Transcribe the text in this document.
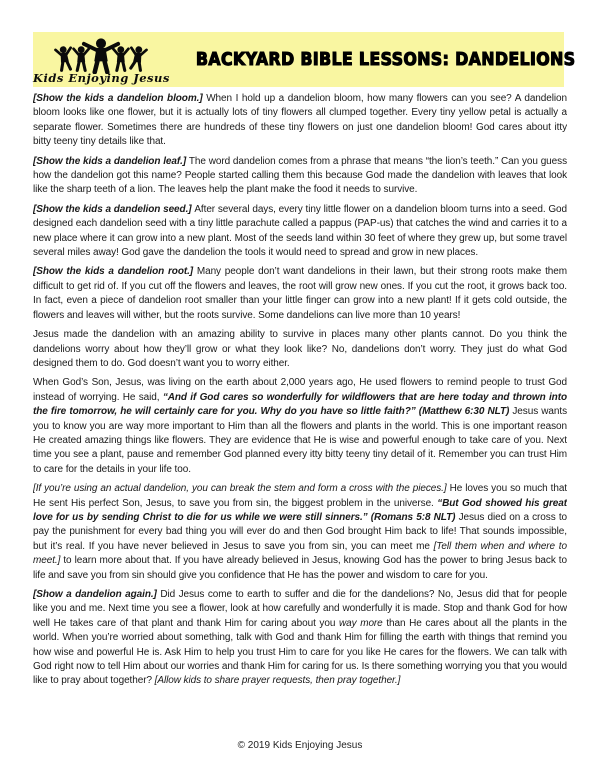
Kids Enjoying Jesus
BACKYARD BIBLE LESSONS: DANDELIONS

[Show the kids a dandelion bloom.] When I hold up a dandelion bloom, how many flowers can you see? A dandelion bloom looks like one flower, but it is actually lots of tiny flowers all clumped together. Every tiny yellow petal is actually a separate flower. Sometimes there are hundreds of these tiny flowers on just one dandelion bloom! God cares about itty bitty teeny tiny details like that.

[Show the kids a dandelion leaf.] The word dandelion comes from a phrase that means “the lion’s teeth.” Can you guess how the dandelion got this name? People started calling them this because God made the dandelion with leaves that look like the sharp teeth of a lion. The leaves help the plant make the food it needs to survive.

[Show the kids a dandelion seed.] After several days, every tiny little flower on a dandelion bloom turns into a seed. God designed each dandelion seed with a tiny little parachute called a pappus (PAP-us) that catches the wind and carries it to a new place where it can grow into a new plant. Most of the seeds land within 30 feet of where they grew up, but some travel several miles away! God gave the dandelion the tools it would need to spread and grow in new places.

[Show the kids a dandelion root.] Many people don’t want dandelions in their lawn, but their strong roots make them difficult to get rid of. If you cut off the flowers and leaves, the root will grow new ones. If you cut the root, it grows back too. In fact, even a piece of dandelion root smaller than your little finger can grow into a new plant! If it gets cold outside, the flowers and leaves will wither, but the roots survive. Some dandelions can live more than 10 years!

Jesus made the dandelion with an amazing ability to survive in places many other plants cannot. Do you think the dandelions worry about how they’ll grow or what they look like? No, dandelions don’t worry. They just do what God designed them to do. God doesn’t want you to worry either.

When God’s Son, Jesus, was living on the earth about 2,000 years ago, He used flowers to remind people to trust God instead of worrying. He said, “And if God cares so wonderfully for wildflowers that are here today and thrown into the fire tomorrow, he will certainly care for you. Why do you have so little faith?” (Matthew 6:30 NLT) Jesus wants you to know you are way more important to Him than all the flowers and plants in the world. This is one important reason He created amazing things like flowers. They are evidence that He is wise and powerful enough to take care of you. Next time you see a plant, pause and remember God planned every itty bitty teeny tiny detail of it. Remember you can trust Him to care for the details in your life too.

[If you’re using an actual dandelion, you can break the stem and form a cross with the pieces.] He loves you so much that He sent His perfect Son, Jesus, to save you from sin, the biggest problem in the universe. “But God showed his great love for us by sending Christ to die for us while we were still sinners.” (Romans 5:8 NLT) Jesus died on a cross to pay the punishment for every bad thing you will ever do and then God brought Him back to life! That sounds impossible, but it’s real. If you have never believed in Jesus to save you from sin, you can meet me [Tell them when and where to meet.] to learn more about that. If you have already believed in Jesus, knowing God has the power to bring Jesus back to life and save you from sin should give you confidence that He has the power and wisdom to care for you.

[Show a dandelion again.] Did Jesus come to earth to suffer and die for the dandelions? No, Jesus did that for people like you and me. Next time you see a flower, look at how carefully and wonderfully it is made. Stop and thank God for how well He takes care of that plant and thank Him for caring about you way more than He cares about all the plants in the world. When you’re worried about something, talk with God and thank Him for filling the earth with things that remind you how wise and powerful He is. Ask Him to help you trust Him to care for you like He cares for the flowers. We can talk with God right now to tell Him about our worries and thank Him for caring for us. Is there something worrying you that you would like to pray about together? [Allow kids to share prayer requests, then pray together.]

© 2019 Kids Enjoying Jesus
